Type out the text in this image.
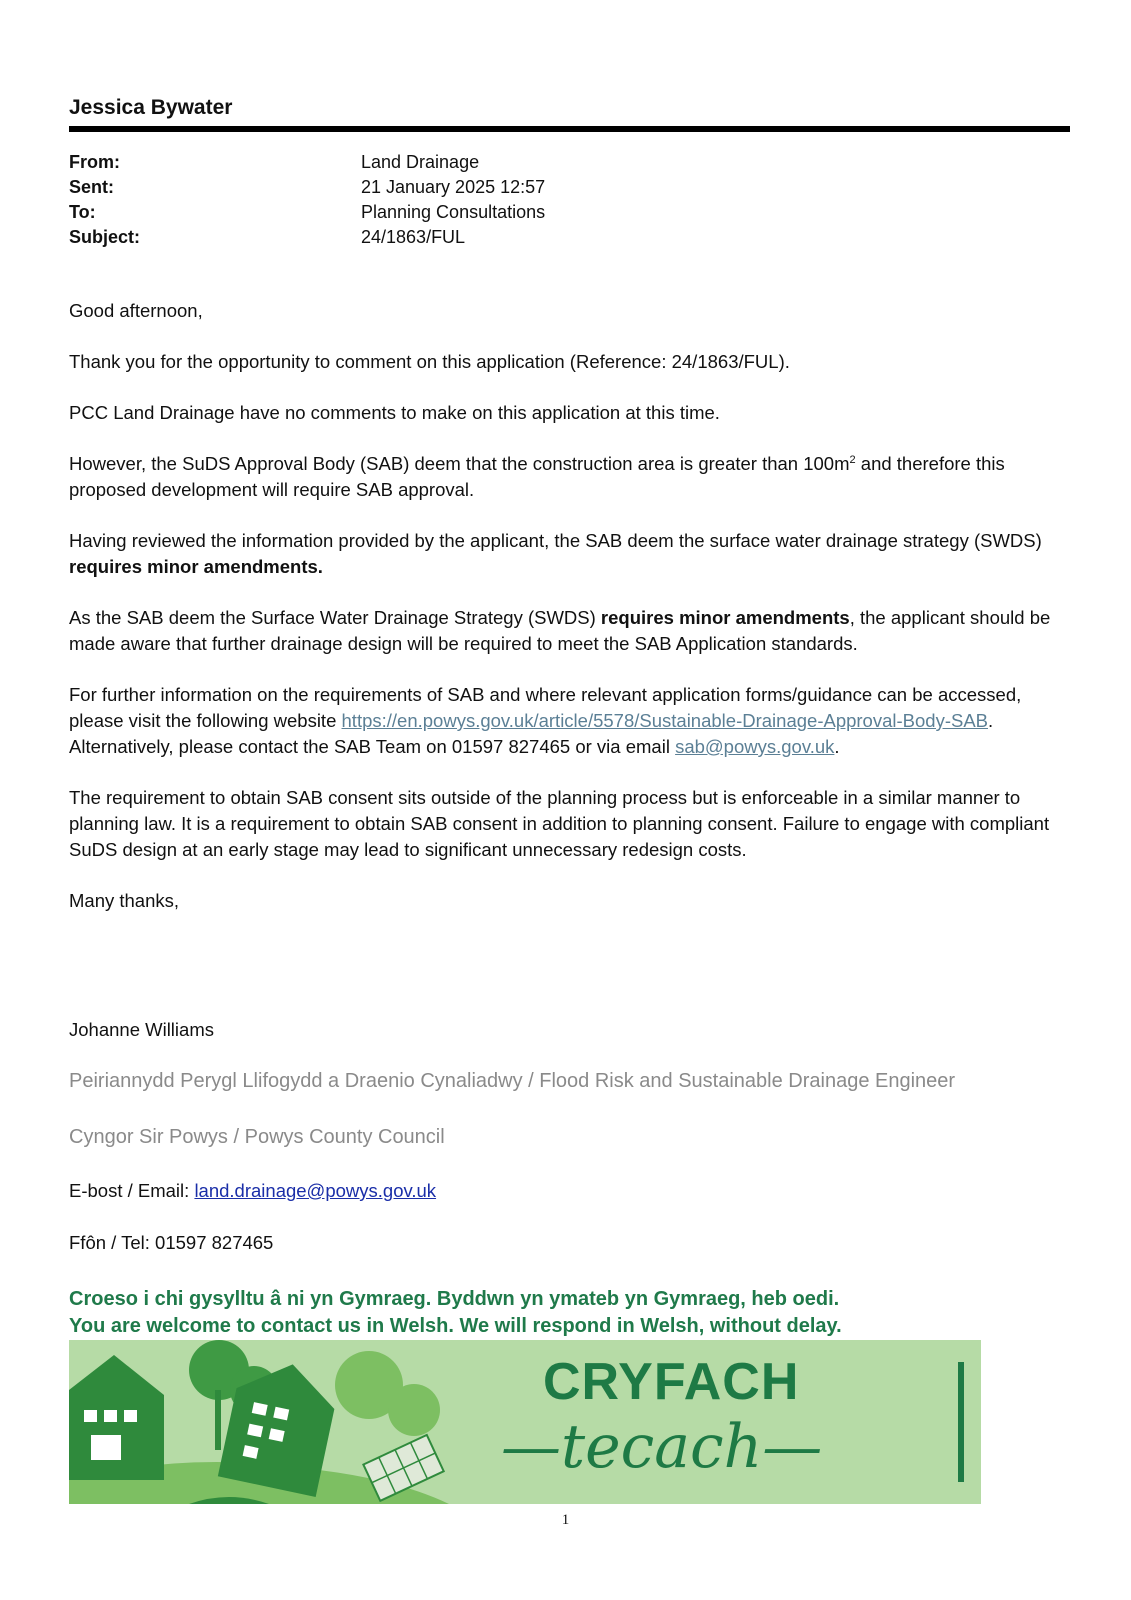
Jessica Bywater
From:	Land Drainage
Sent:	21 January 2025 12:57
To:	Planning Consultations
Subject:	24/1863/FUL

Good afternoon,

Thank you for the opportunity to comment on this application (Reference: 24/1863/FUL).

PCC Land Drainage have no comments to make on this application at this time.

However, the SuDS Approval Body (SAB) deem that the construction area is greater than $100m^2$ and therefore this proposed development will require SAB approval.

Having reviewed the information provided by the applicant, the SAB deem the surface water drainage strategy (SWDS) requires minor amendments.

As the SAB deem the Surface Water Drainage Strategy (SWDS) requires minor amendments, the applicant should be made aware that further drainage design will be required to meet the SAB Application standards.

For further information on the requirements of SAB and where relevant application forms/guidance can be accessed, please visit the following website https://en.powys.gov.uk/article/5578/Sustainable-Drainage-Approval-Body-SAB. Alternatively, please contact the SAB Team on 01597 827465 or via email sab@powys.gov.uk.

The requirement to obtain SAB consent sits outside of the planning process but is enforceable in a similar manner to planning law. It is a requirement to obtain SAB consent in addition to planning consent. Failure to engage with compliant SuDS design at an early stage may lead to significant unnecessary redesign costs.

Many thanks,

Johanne Williams
Peiriannydd Perygl Llifogydd a Draenio Cynaliadwy / Flood Risk and Sustainable Drainage Engineer
Cyngor Sir Powys / Powys County Council
E-bost / Email: land.drainage@powys.gov.uk
Ffôn / Tel: 01597 827465
Croeso i chi gysylltu â ni yn Gymraeg. Byddwn yn ymateb yn Gymraeg, heb oedi.
You are welcome to contact us in Welsh. We will respond in Welsh, without delay.
CRYFACH
—tecach—
1
